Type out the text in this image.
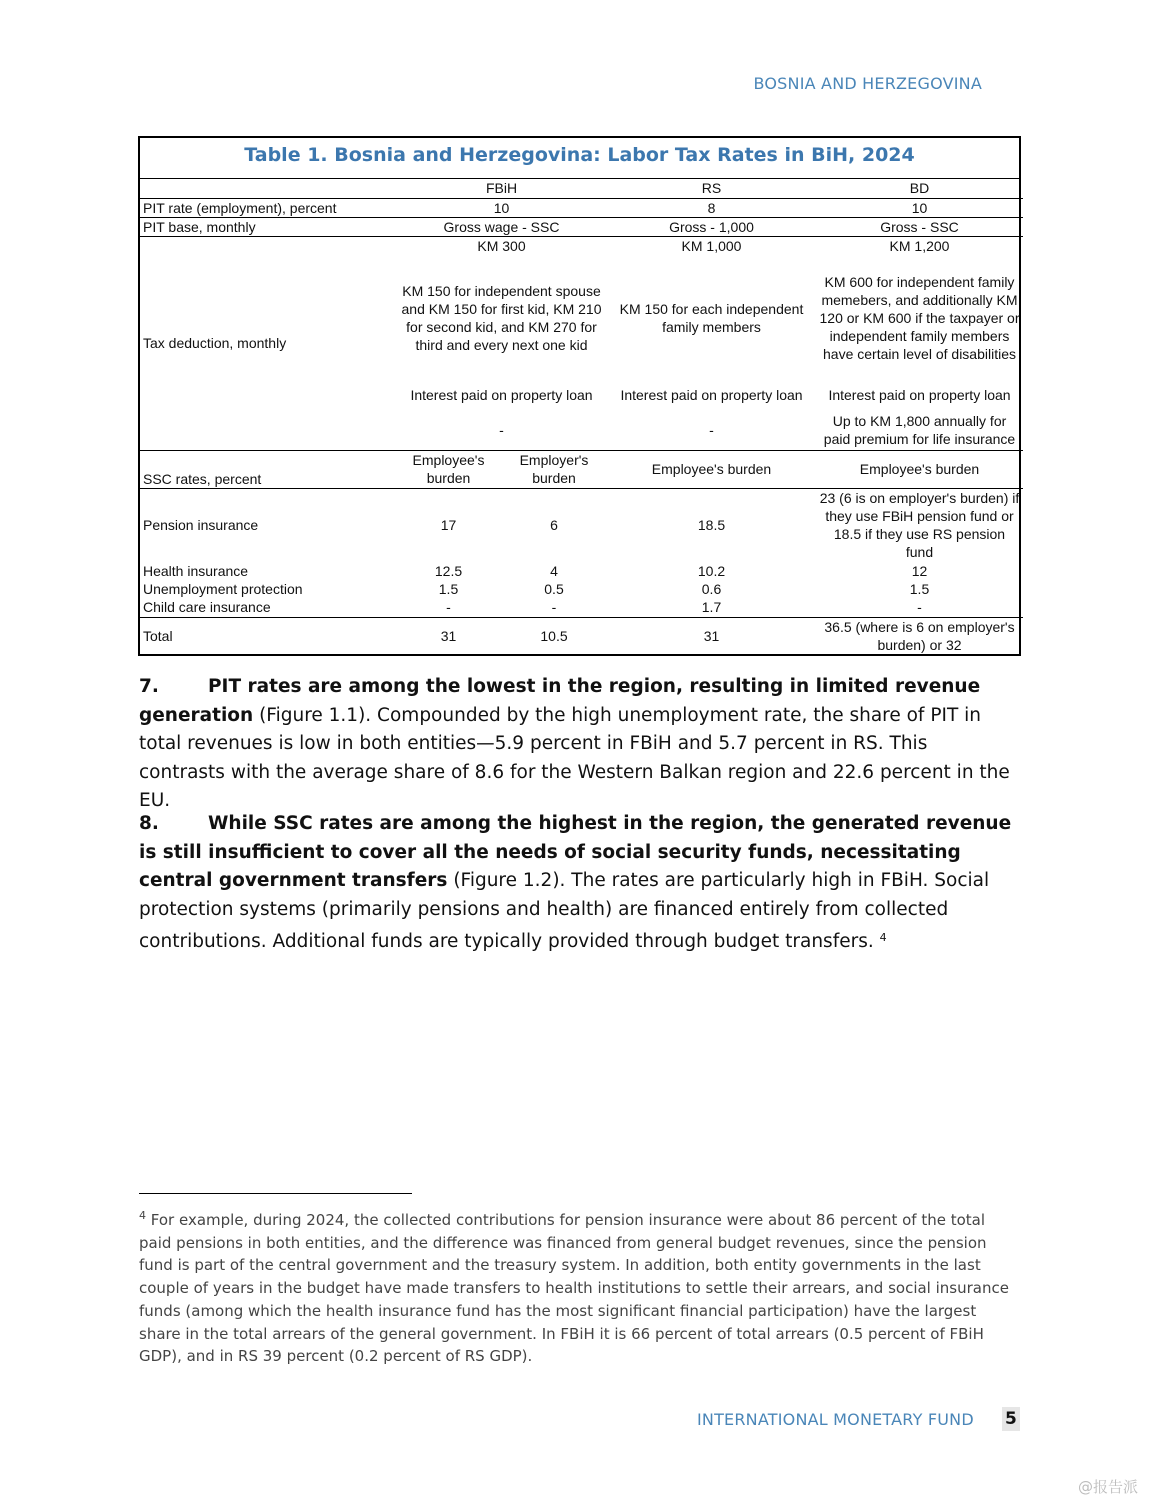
BOSNIA AND HERZEGOVINA
Table 1. Bosnia and Herzegovina: Labor Tax Rates in BiH, 2024
	FBiH		RS	BD
PIT rate (employment), percent	10		8	10
PIT base, monthly	Gross wage - SSC		Gross - 1,000	Gross - SSC
Tax deduction, monthly	KM 300		KM 1,000	KM 1,200
	KM 150 for independent spouse and KM 150 for first kid, KM 210 for second kid, and KM 270 for third and every next one kid		KM 150 for each independent family members	KM 600 for independent family memebers, and additionally KM 120 or KM 600 if the taxpayer or independent family members have certain level of disabilities
	Interest paid on property loan		Interest paid on property loan	Interest paid on property loan
	-		-	Up to KM 1,800 annually for paid premium for life insurance
SSC rates, percent	Employee's burden	Employer's burden	Employee's burden	Employee's burden
Pension insurance	17	6	18.5	23 (6 is on employer's burden) if they use FBiH pension fund or 18.5 if they use RS pension fund
Health insurance	12.5	4	10.2	12
Unemployment protection	1.5	0.5	0.6	1.5
Child care insurance	-	-	1.7	-
Total	31	10.5	31	36.5 (where is 6 on employer's burden) or 32
7.	PIT rates are among the lowest in the region, resulting in limited revenue generation (Figure 1.1). Compounded by the high unemployment rate, the share of PIT in total revenues is low in both entities—5.9 percent in FBiH and 5.7 percent in RS. This contrasts with the average share of 8.6 for the Western Balkan region and 22.6 percent in the EU.
8.	While SSC rates are among the highest in the region, the generated revenue is still insufficient to cover all the needs of social security funds, necessitating central government transfers (Figure 1.2). The rates are particularly high in FBiH. Social protection systems (primarily pensions and health) are financed entirely from collected contributions. Additional funds are typically provided through budget transfers. $^4$
$^4$ For example, during 2024, the collected contributions for pension insurance were about 86 percent of the total paid pensions in both entities, and the difference was financed from general budget revenues, since the pension fund is part of the central government and the treasury system. In addition, both entity governments in the last couple of years in the budget have made transfers to health institutions to settle their arrears, and social insurance funds (among which the health insurance fund has the most significant financial participation) have the largest share in the total arrears of the general government. In FBiH it is 66 percent of total arrears (0.5 percent of FBiH GDP), and in RS 39 percent (0.2 percent of RS GDP).
INTERNATIONAL MONETARY FUND 5
@报告派
